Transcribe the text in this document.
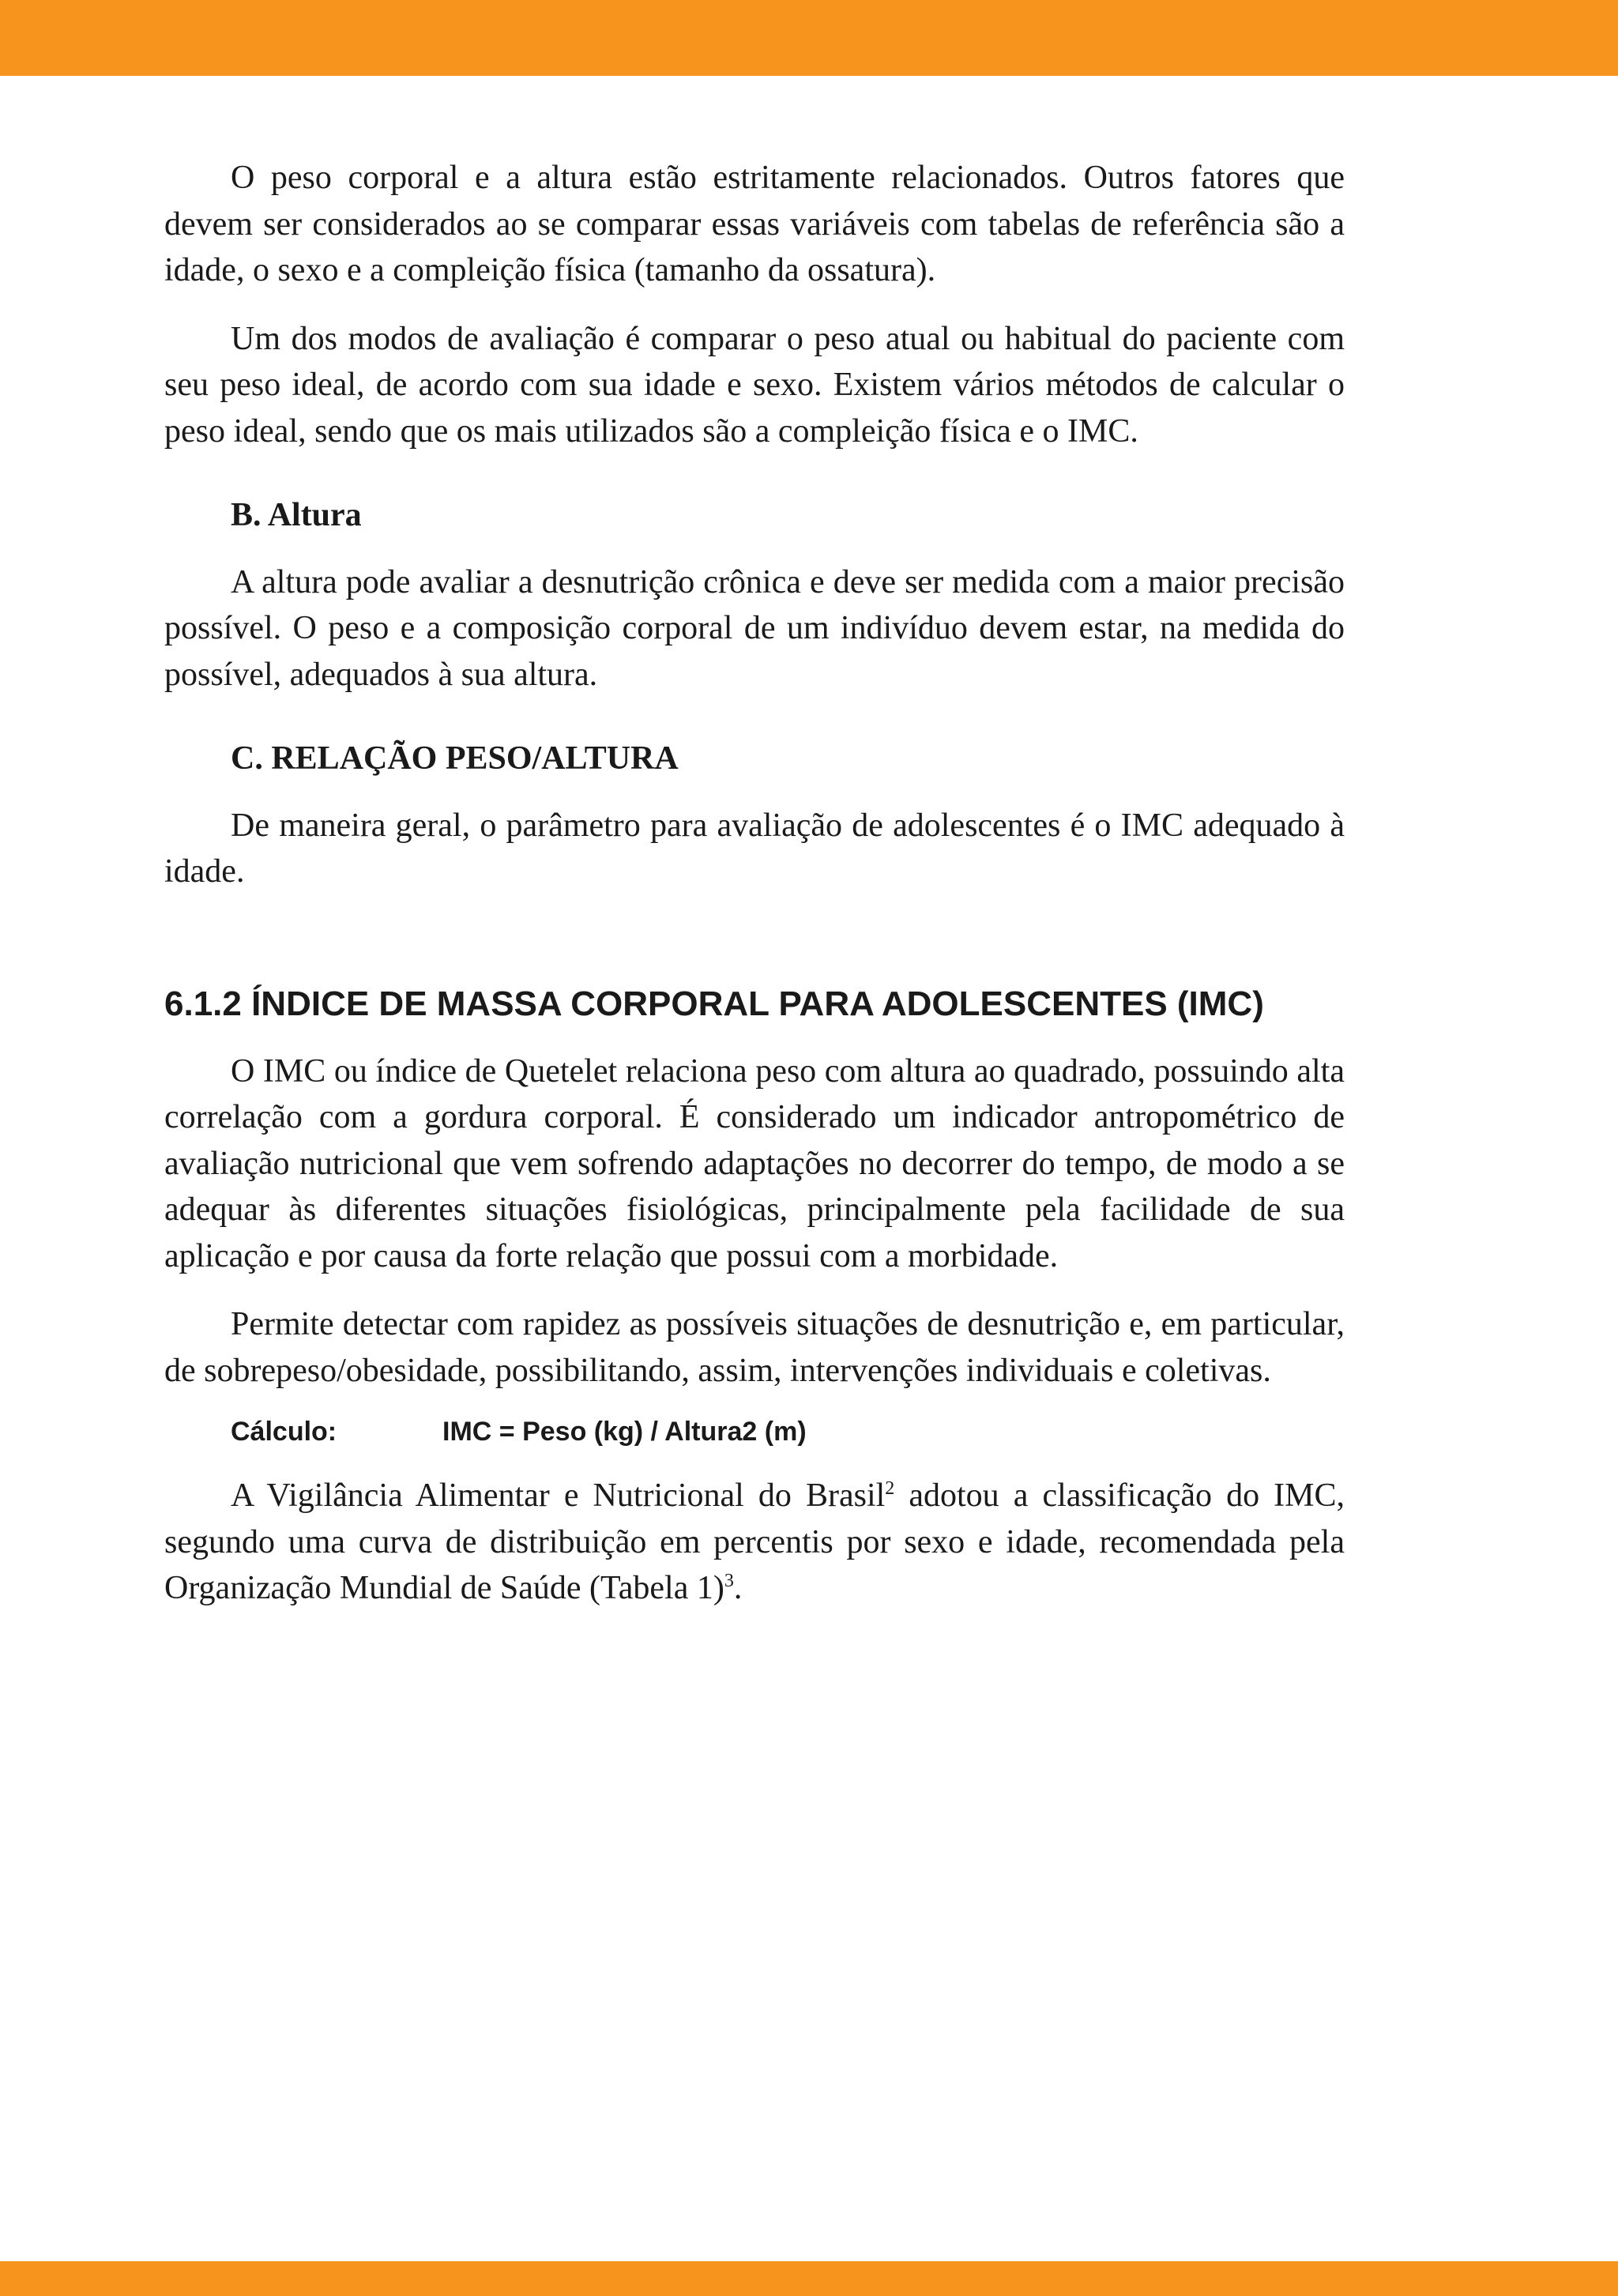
O peso corporal e a altura estão estritamente relacionados. Outros fatores que devem ser considerados ao se comparar essas variáveis com tabelas de referência são a idade, o sexo e a compleição física (tamanho da ossatura).

Um dos modos de avaliação é comparar o peso atual ou habitual do paciente com seu peso ideal, de acordo com sua idade e sexo. Existem vários métodos de calcular o peso ideal, sendo que os mais utilizados são a compleição física e o IMC.

B. Altura

A altura pode avaliar a desnutrição crônica e deve ser medida com a maior precisão possível. O peso e a composição corporal de um indivíduo devem estar, na medida do possível, adequados à sua altura.

C. RELAÇÃO PESO/ALTURA

De maneira geral, o parâmetro para avaliação de adolescentes é o IMC adequado à idade.

6.1.2 ÍNDICE DE MASSA CORPORAL PARA ADOLESCENTES (IMC)

O IMC ou índice de Quetelet relaciona peso com altura ao quadrado, possuindo alta correlação com a gordura corporal. É considerado um indicador antropométrico de avaliação nutricional que vem sofrendo adaptações no decorrer do tempo, de modo a se adequar às diferentes situações fisiológicas, principalmente pela facilidade de sua aplicação e por causa da forte relação que possui com a morbidade.

Permite detectar com rapidez as possíveis situações de desnutrição e, em particular, de sobrepeso/obesidade, possibilitando, assim, intervenções individuais e coletivas.

Cálculo:	IMC = Peso (kg) / Altura2 (m)

A Vigilância Alimentar e Nutricional do Brasil$^2$ adotou a classificação do IMC, segundo uma curva de distribuição em percentis por sexo e idade, recomendada pela Organização Mundial de Saúde (Tabela 1)$^3$.
